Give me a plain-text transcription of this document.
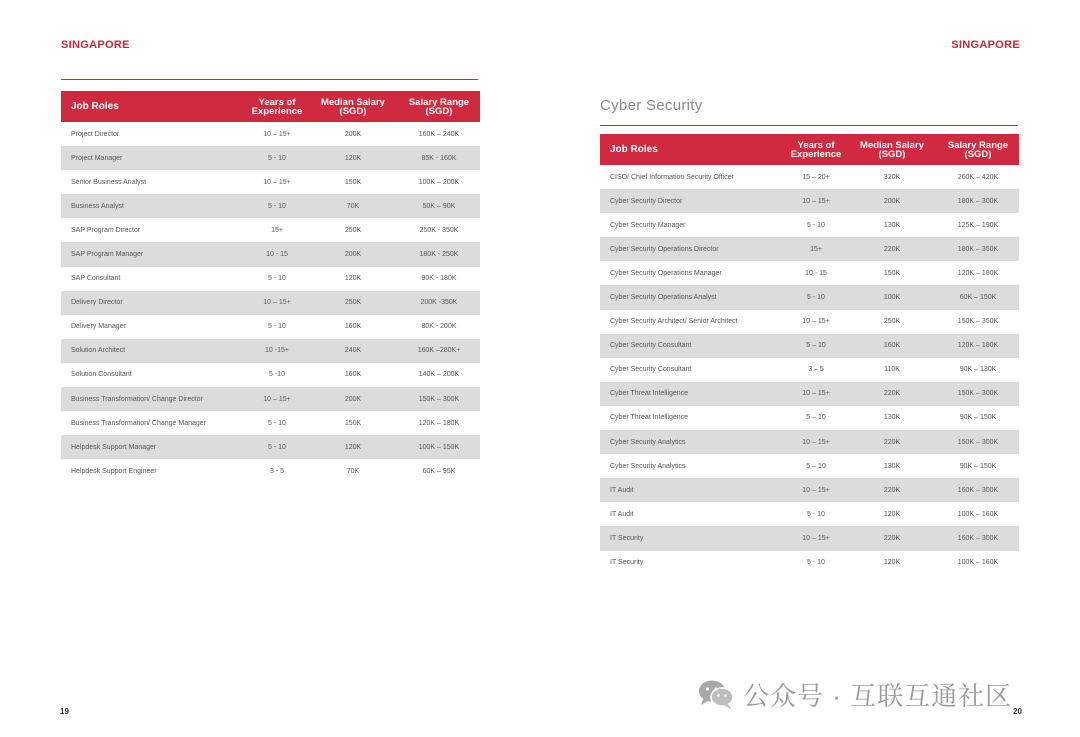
SINGAPORE
Job Roles	Years of Experience	Median Salary (SGD)	Salary Range (SGD)
Project Director	10 – 15+	200K	160K – 240K
Project Manager	5 - 10	120K	85K - 160K
Senior Business Analyst	10 – 15+	150K	100K – 200K
Business Analyst	5 - 10	70K	50K – 90K
SAP Program Director	15+	250K	250K - 350K
SAP Program Manager	10 - 15	200K	180K - 250K
SAP Consultant	5 - 10	120K	90K - 180K
Delivery Director	10 – 15+	250K	200K -350K
Delivery Manager	5 - 10	160K	80K - 200K
Solution Architect	10 -15+	240K	160K –280K+
Solution Consultant	5 -10	160K	140K – 200K
Business Transformation/ Change Director	10 – 15+	200K	150K – 300K
Business Transformation/ Change Manager	5 - 10	150K	120K – 180K
Helpdesk Support Manager	5 - 10	120K	100K – 150K
Helpdesk Support Engineer	3 - 5	70K	60K – 95K
19
SINGAPORE
Cyber Security
Job Roles	Years of Experience	Median Salary (SGD)	Salary Range (SGD)
CISO/ Chief Information Security Officer	15 – 20+	320K	260K – 420K
Cyber Security Director	10 – 15+	200K	180K – 300K
Cyber Security Manager	5 - 10	130K	125K – 190K
Cyber Security Operations Director	15+	220K	180K – 350K
Cyber Security Operations Manager	10 - 15	150K	120K – 180K
Cyber Security Operations Analyst	5 - 10	100K	60K – 150K
Cyber Security Architect/ Senior Architect	10 – 15+	250K	150K – 350K
Cyber Security Consultant	5 – 10	160K	120K – 180K
Cyber Security Consultant	3 – 5	110K	90K – 130K
Cyber Threat Intelligence	10 – 15+	220K	150K – 300K
Cyber Threat Intelligence	5 – 10	130K	90K – 150K
Cyber Security Analytics	10 – 15+	220K	150K – 300K
Cyber Security Analytics	5 – 10	130K	90K – 150K
IT Audit	10 – 15+	220K	160K – 300K
IT Audit	5 - 10	120K	100K – 160K
IT Security	10 – 15+	220K	160K – 300K
IT Security	5 - 10	120K	100K – 160K
20
公众号 · 互联互通社区
